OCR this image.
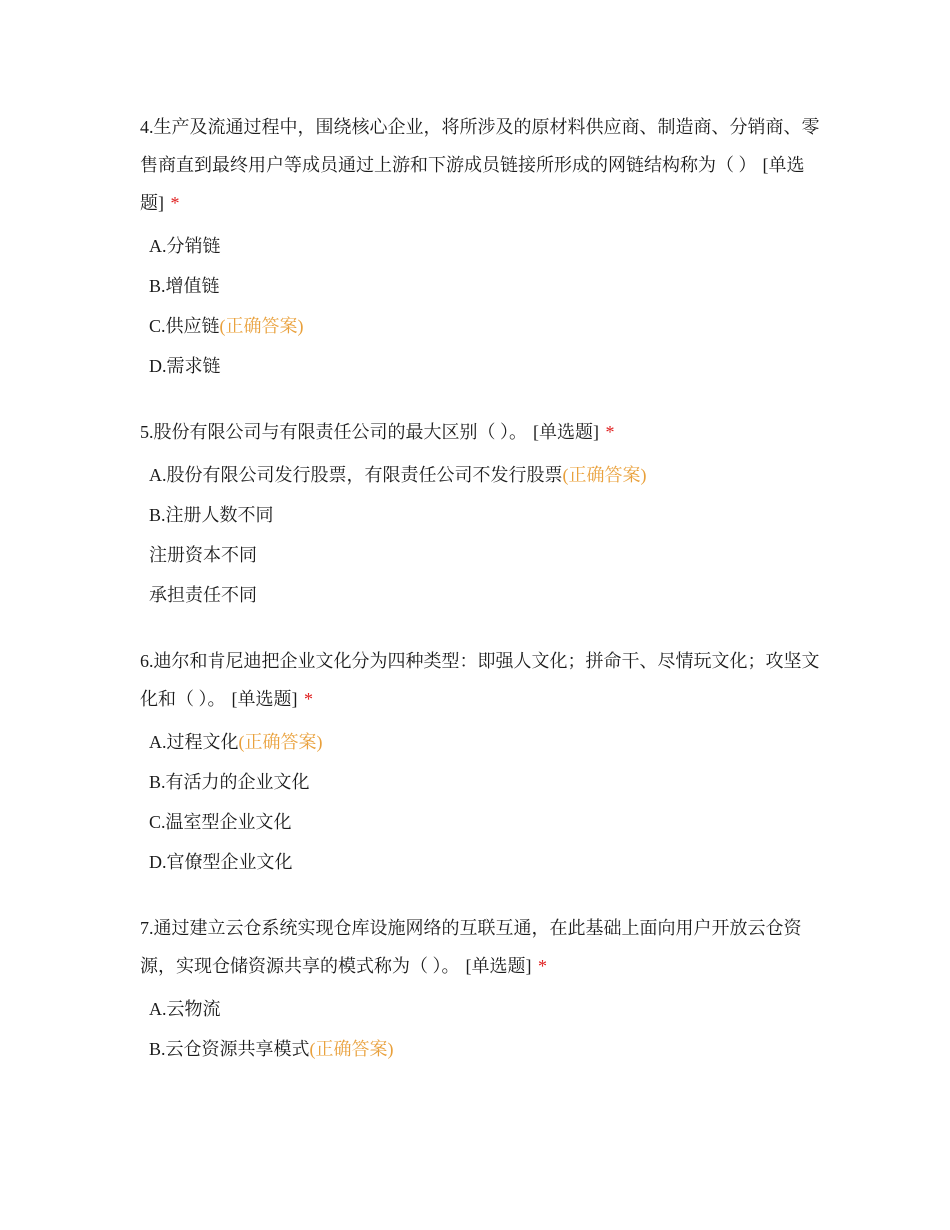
4.生产及流通过程中，围绕核心企业，将所涉及的原材料供应商、制造商、分销商、零售商直到最终用户等成员通过上游和下游成员链接所形成的网链结构称为（ ） [单选题] *

A.分销链
B.增值链
C.供应链(正确答案)
D.需求链

5.股份有限公司与有限责任公司的最大区别（ ）。 [单选题] *

A.股份有限公司发行股票，有限责任公司不发行股票(正确答案)
B.注册人数不同
注册资本不同
承担责任不同

6.迪尔和肯尼迪把企业文化分为四种类型：即强人文化；拼命干、尽情玩文化；攻坚文化和（ ）。 [单选题] *

A.过程文化(正确答案)
B.有活力的企业文化
C.温室型企业文化
D.官僚型企业文化

7.通过建立云仓系统实现仓库设施网络的互联互通，在此基础上面向用户开放云仓资源，实现仓储资源共享的模式称为（ ）。 [单选题] *

A.云物流
B.云仓资源共享模式(正确答案)
